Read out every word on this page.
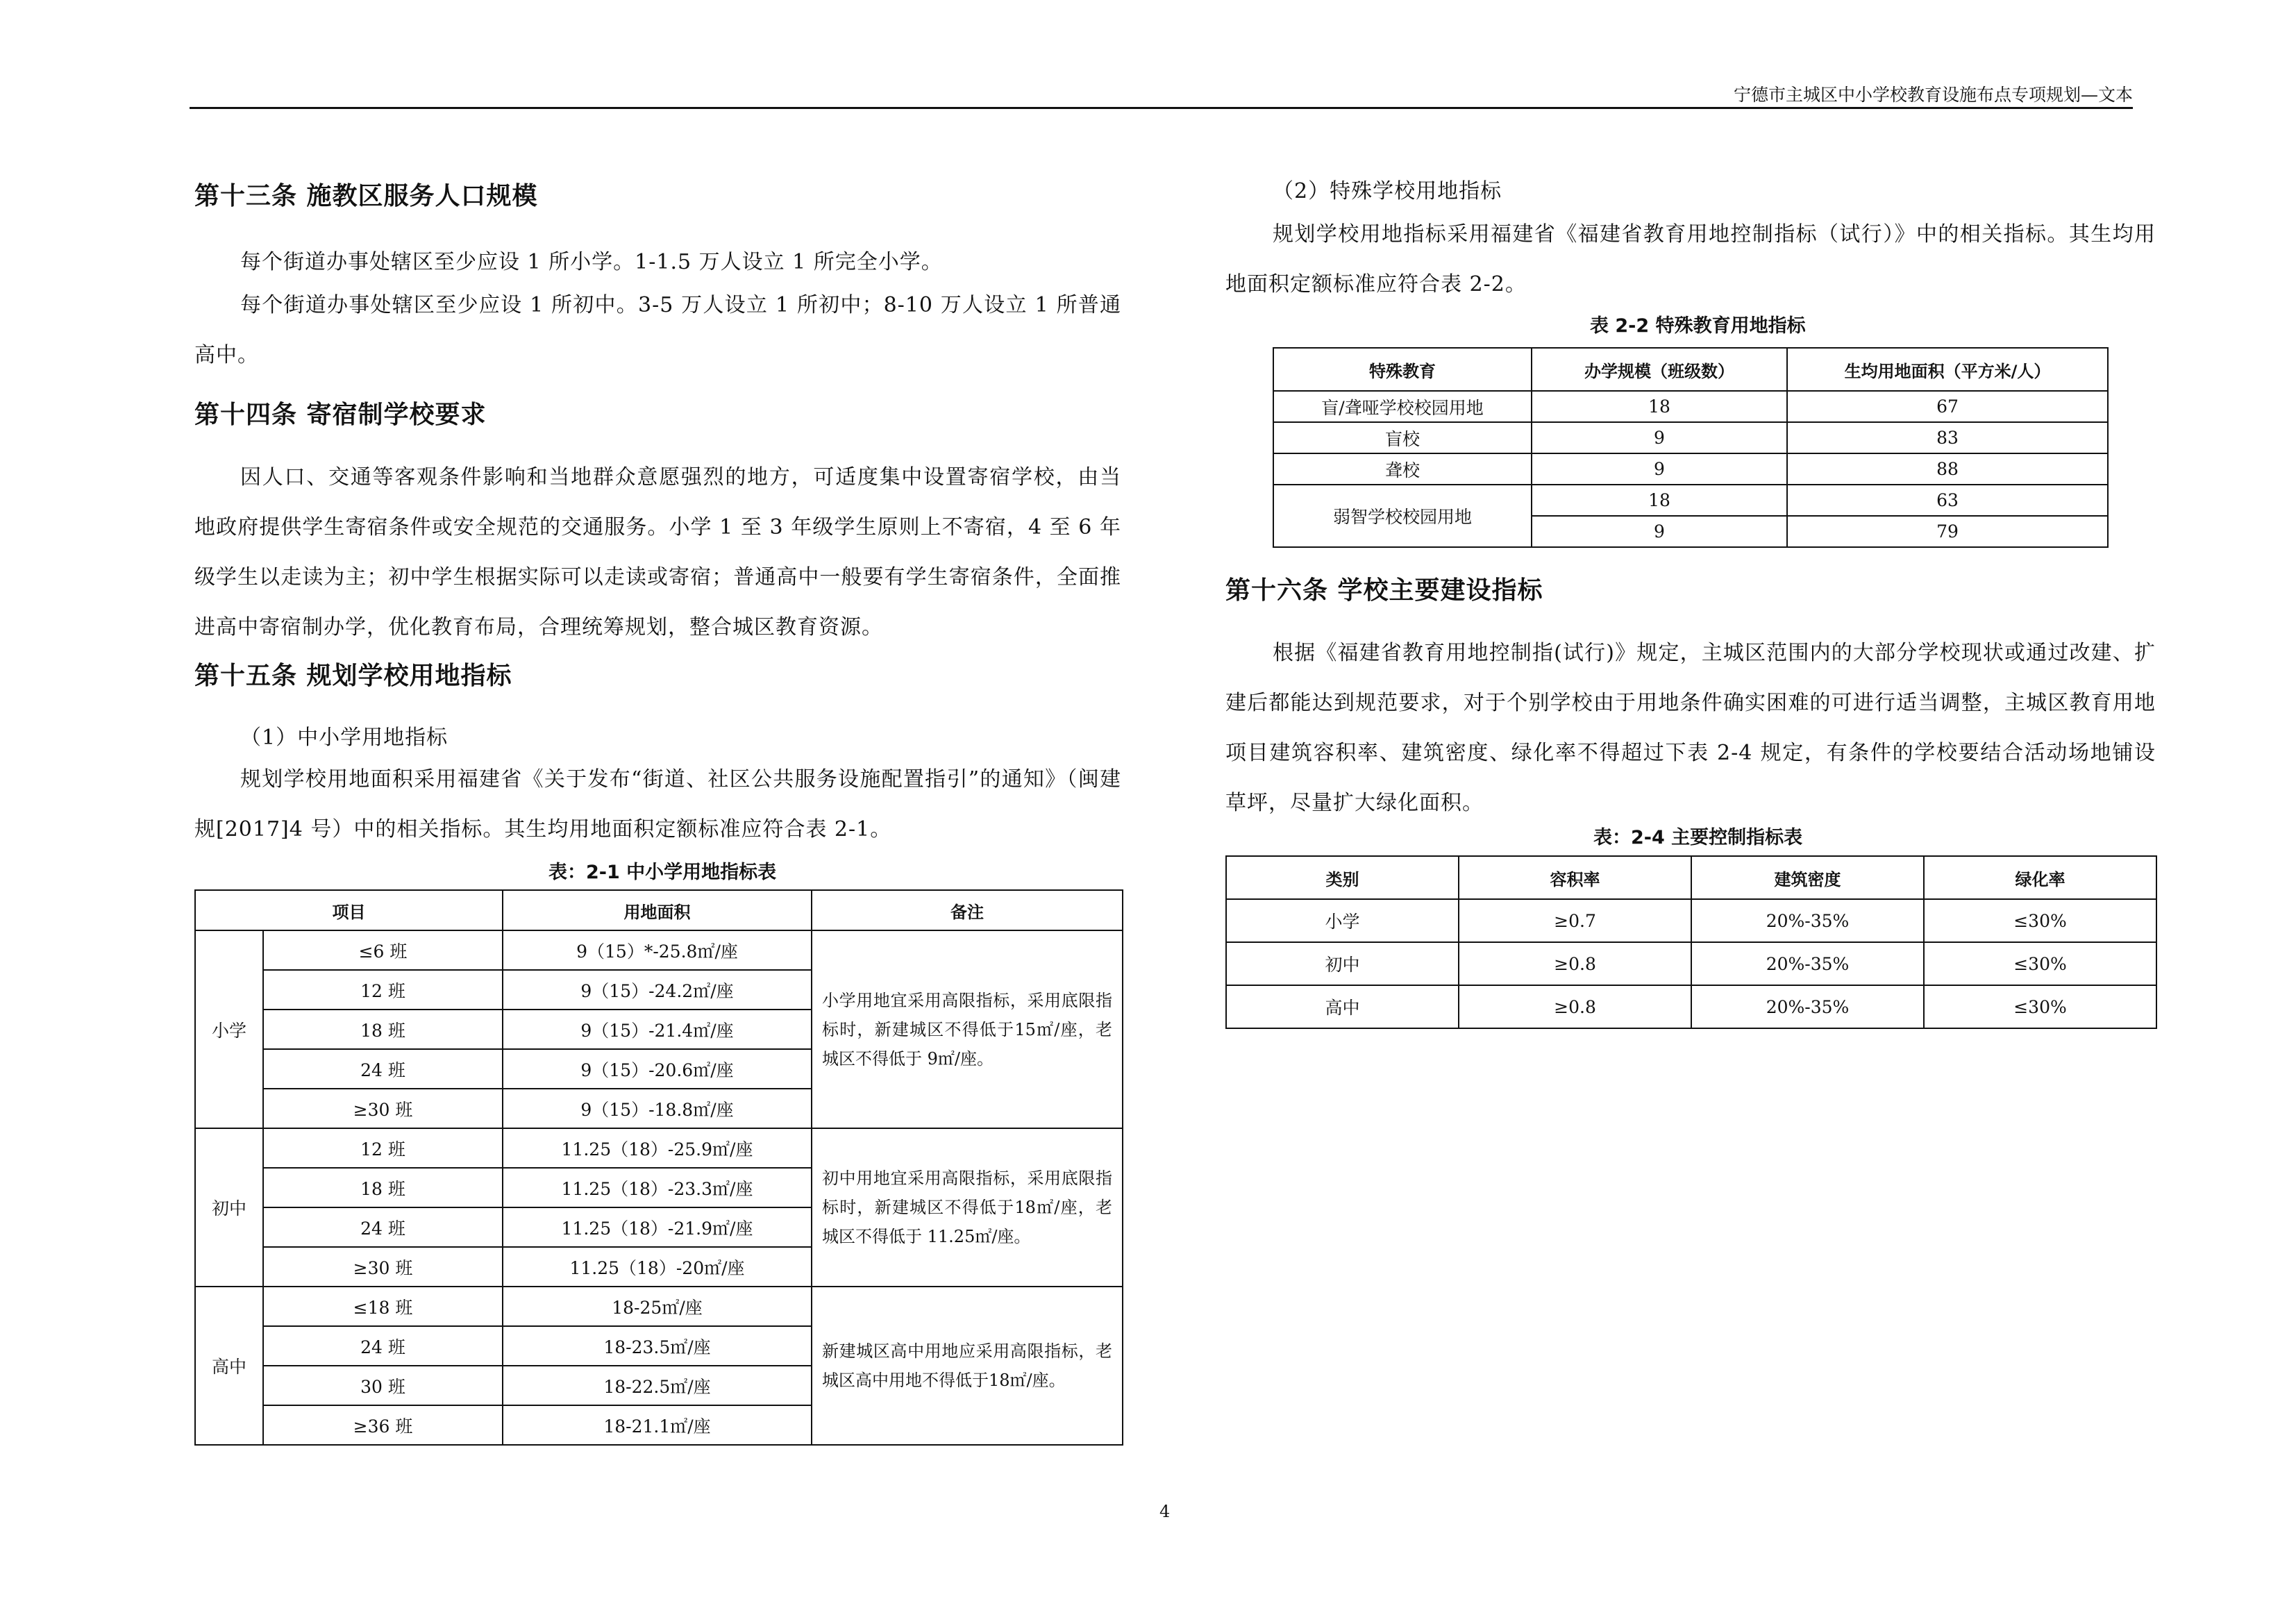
宁德市主城区中小学校教育设施布点专项规划—文本
第十三条 施教区服务人口规模
每个街道办事处辖区至少应设 1 所小学。1-1.5 万人设立 1 所完全小学。
每个街道办事处辖区至少应设 1 所初中。3-5 万人设立 1 所初中；8-10 万人设立 1 所普通高中。
第十四条 寄宿制学校要求
因人口、交通等客观条件影响和当地群众意愿强烈的地方，可适度集中设置寄宿学校，由当地政府提供学生寄宿条件或安全规范的交通服务。小学 1 至 3 年级学生原则上不寄宿，4 至 6 年级学生以走读为主；初中学生根据实际可以走读或寄宿；普通高中一般要有学生寄宿条件，全面推进高中寄宿制办学，优化教育布局，合理统筹规划，整合城区教育资源。
第十五条 规划学校用地指标
（1）中小学用地指标
规划学校用地面积采用福建省《关于发布“街道、社区公共服务设施配置指引”的通知》（闽建规[2017]4 号）中的相关指标。其生均用地面积定额标准应符合表 2-1。
表：2-1 中小学用地指标表
项目		用地面积	备注
小学	≤6 班	9（15）*-25.8㎡/座	小学用地宜采用高限指标，采用底限指标时，新建城区不得低于15㎡/座，老城区不得低于 9㎡/座。
	12 班	9（15）-24.2㎡/座	
	18 班	9（15）-21.4㎡/座	
	24 班	9（15）-20.6㎡/座	
	≥30 班	9（15）-18.8㎡/座	
初中	12 班	11.25（18）-25.9㎡/座	初中用地宜采用高限指标，采用底限指标时，新建城区不得低于18㎡/座，老城区不得低于 11.25㎡/座。
	18 班	11.25（18）-23.3㎡/座	
	24 班	11.25（18）-21.9㎡/座	
	≥30 班	11.25（18）-20㎡/座	
高中	≤18 班	18-25㎡/座	新建城区高中用地应采用高限指标，老城区高中用地不得低于18㎡/座。
	24 班	18-23.5㎡/座	
	30 班	18-22.5㎡/座	
	≥36 班	18-21.1㎡/座	
（2）特殊学校用地指标
规划学校用地指标采用福建省《福建省教育用地控制指标（试行）》中的相关指标。其生均用地面积定额标准应符合表 2-2。
表 2-2 特殊教育用地指标
特殊教育	办学规模（班级数）	生均用地面积（平方米/人）
盲/聋哑学校校园用地	18	67
盲校	9	83
聋校	9	88
弱智学校校园用地	18	63
	9	79
第十六条 学校主要建设指标
根据《福建省教育用地控制指(试行)》规定，主城区范围内的大部分学校现状或通过改建、扩建后都能达到规范要求，对于个别学校由于用地条件确实困难的可进行适当调整，主城区教育用地项目建筑容积率、建筑密度、绿化率不得超过下表 2-4 规定，有条件的学校要结合活动场地铺设草坪，尽量扩大绿化面积。
表：2-4 主要控制指标表
类别	容积率	建筑密度	绿化率
小学	≥0.7	20%-35%	≤30%
初中	≥0.8	20%-35%	≤30%
高中	≥0.8	20%-35%	≤30%
4
